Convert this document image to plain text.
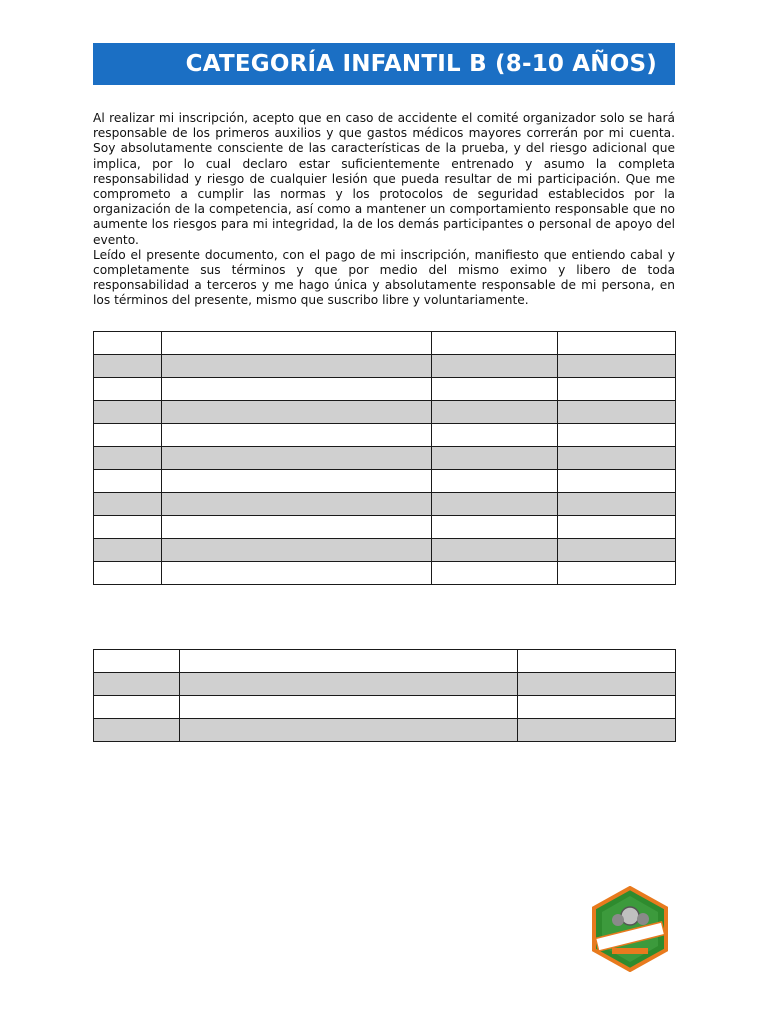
CATEGORÍA INFANTIL B (8-10 AÑOS)

Al realizar mi inscripción, acepto que en caso de accidente el comité organizador solo se hará responsable de los primeros auxilios y que gastos médicos mayores correrán por mi cuenta. Soy absolutamente consciente de las características de la prueba, y del riesgo adicional que implica, por lo cual declaro estar suficientemente entrenado y asumo la completa responsabilidad y riesgo de cualquier lesión que pueda resultar de mi participación. Que me comprometo a cumplir las normas y los protocolos de seguridad establecidos por la organización de la competencia, así como a mantener un comportamiento responsable que no aumente los riesgos para mi integridad, la de los demás participantes o personal de apoyo del evento.

Leído el presente documento, con el pago de mi inscripción, manifiesto que entiendo cabal y completamente sus términos y que por medio del mismo eximo y libero de toda responsabilidad a terceros y me hago única y absolutamente responsable de mi persona, en los términos del presente, mismo que suscribo libre y voluntariamente.
